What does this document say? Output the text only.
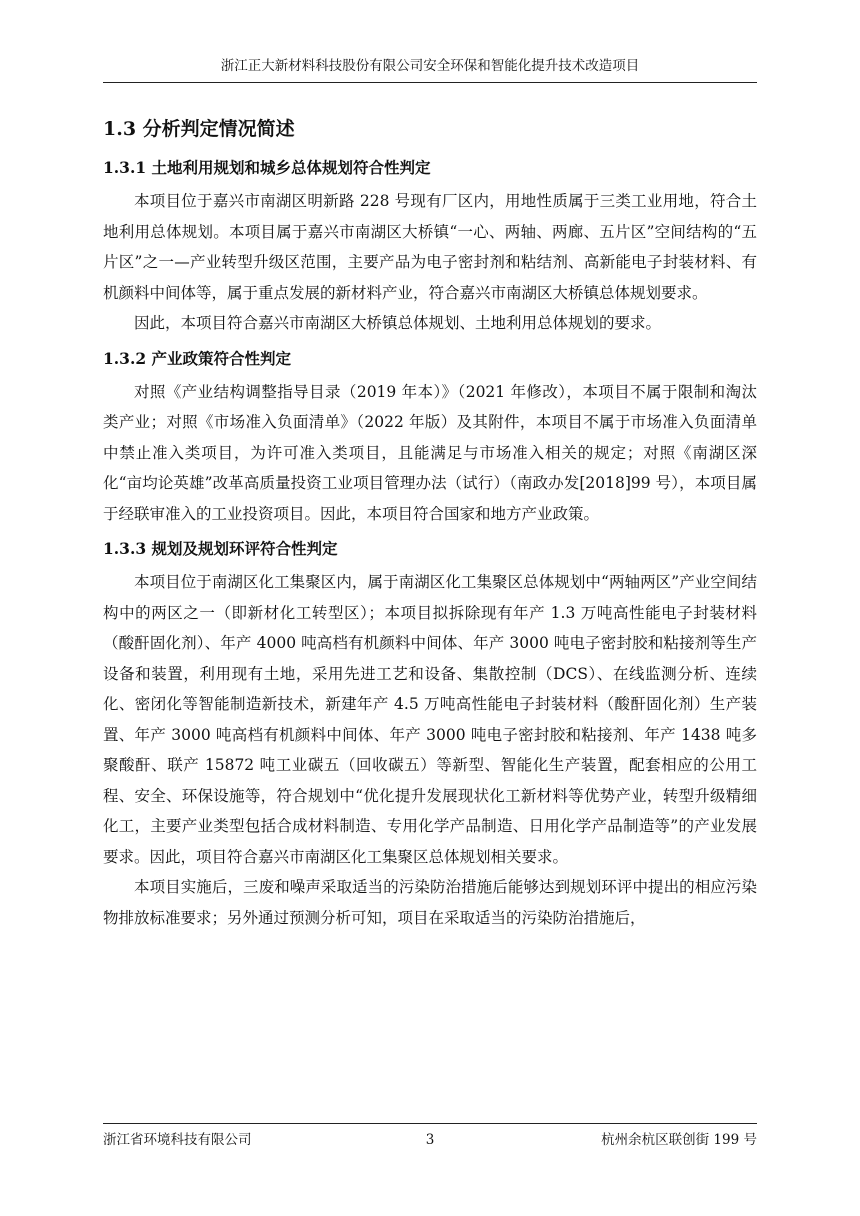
浙江正大新材料科技股份有限公司安全环保和智能化提升技术改造项目
1.3 分析判定情况简述
1.3.1 土地利用规划和城乡总体规划符合性判定

本项目位于嘉兴市南湖区明新路 228 号现有厂区内，用地性质属于三类工业用地，符合土地利用总体规划。本项目属于嘉兴市南湖区大桥镇“一心、两轴、两廊、五片区”空间结构的“五片区”之一—产业转型升级区范围，主要产品为电子密封剂和粘结剂、高新能电子封装材料、有机颜料中间体等，属于重点发展的新材料产业，符合嘉兴市南湖区大桥镇总体规划要求。

因此，本项目符合嘉兴市南湖区大桥镇总体规划、土地利用总体规划的要求。

1.3.2 产业政策符合性判定

对照《产业结构调整指导目录（2019 年本）》（2021 年修改），本项目不属于限制和淘汰类产业；对照《市场准入负面清单》（2022 年版）及其附件，本项目不属于市场准入负面清单中禁止准入类项目，为许可准入类项目，且能满足与市场准入相关的规定；对照《南湖区深化“亩均论英雄”改革高质量投资工业项目管理办法（试行）（南政办发[2018]99 号），本项目属于经联审准入的工业投资项目。因此，本项目符合国家和地方产业政策。

1.3.3 规划及规划环评符合性判定

本项目位于南湖区化工集聚区内，属于南湖区化工集聚区总体规划中“两轴两区”产业空间结构中的两区之一（即新材化工转型区）；本项目拟拆除现有年产 1.3 万吨高性能电子封装材料（酸酐固化剂）、年产 4000 吨高档有机颜料中间体、年产 3000 吨电子密封胶和粘接剂等生产设备和装置，利用现有土地，采用先进工艺和设备、集散控制（DCS）、在线监测分析、连续化、密闭化等智能制造新技术，新建年产 4.5 万吨高性能电子封装材料（酸酐固化剂）生产装置、年产 3000 吨高档有机颜料中间体、年产 3000 吨电子密封胶和粘接剂、年产 1438 吨多聚酸酐、联产 15872 吨工业碳五（回收碳五）等新型、智能化生产装置，配套相应的公用工程、安全、环保设施等，符合规划中“优化提升发展现状化工新材料等优势产业，转型升级精细化工，主要产业类型包括合成材料制造、专用化学产品制造、日用化学产品制造等”的产业发展要求。因此，项目符合嘉兴市南湖区化工集聚区总体规划相关要求。

本项目实施后，三废和噪声采取适当的污染防治措施后能够达到规划环评中提出的相应污染物排放标准要求；另外通过预测分析可知，项目在采取适当的污染防治措施后，

浙江省环境科技有限公司	3	杭州余杭区联创街 199 号
